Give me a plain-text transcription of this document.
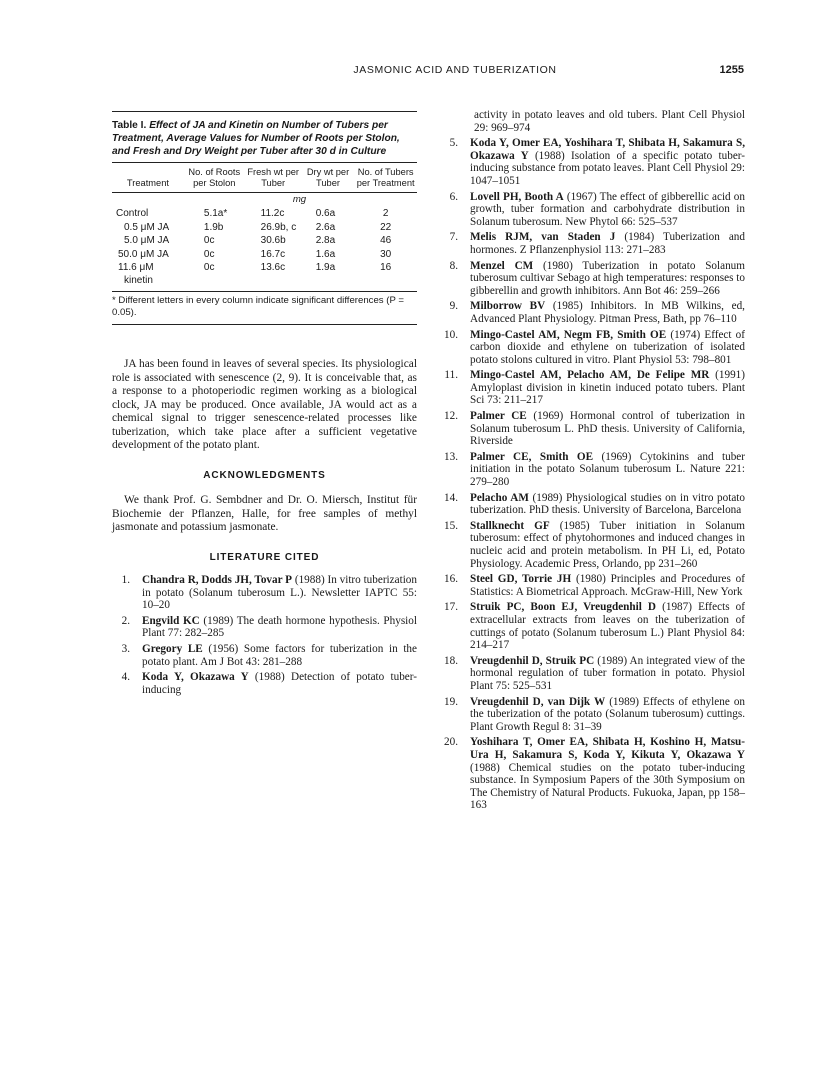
JASMONIC ACID AND TUBERIZATION	1255
Table I. Effect of JA and Kinetin on Number of Tubers per Treatment, Average Values for Number of Roots per Stolon, and Fresh and Dry Weight per Tuber after 30 d in Culture
Treatment	No. of Roots per Stolon	Fresh wt per Tuber	Dry wt per Tuber	No. of Tubers per Treatment
		mg		
Control	5.1a*	11.2c	0.6a	2
0.5 μM JA	1.9b	26.9b, c	2.6a	22
5.0 μM JA	0c	30.6b	2.8a	46
50.0 μM JA	0c	16.7c	1.6a	30
11.6 μM	0c	13.6c	1.9a	16
kinetin				
* Different letters in every column indicate significant differences (P = 0.05).

JA has been found in leaves of several species. Its physiological role is associated with senescence (2, 9). It is conceivable that, as a response to a photoperiodic regimen working as a biological clock, JA may be produced. Once available, JA would act as a chemical signal to trigger senescence-related processes like tuberization, which take place after a sufficient vegetative development of the potato plant.

ACKNOWLEDGMENTS

We thank Prof. G. Sembdner and Dr. O. Miersch, Institut für Biochemie der Pflanzen, Halle, for free samples of methyl jasmonate and potassium jasmonate.

LITERATURE CITED
1. Chandra R, Dodds JH, Tovar P (1988) In vitro tuberization in potato (Solanum tuberosum L.). Newsletter IAPTC 55: 10–20
2. Engvild KC (1989) The death hormone hypothesis. Physiol Plant 77: 282–285
3. Gregory LE (1956) Some factors for tuberization in the potato plant. Am J Bot 43: 281–288
4. Koda Y, Okazawa Y (1988) Detection of potato tuber-inducing
activity in potato leaves and old tubers. Plant Cell Physiol 29: 969–974
5. Koda Y, Omer EA, Yoshihara T, Shibata H, Sakamura S, Okazawa Y (1988) Isolation of a specific potato tuber-inducing substance from potato leaves. Plant Cell Physiol 29: 1047–1051
6. Lovell PH, Booth A (1967) The effect of gibberellic acid on growth, tuber formation and carbohydrate distribution in Solanum tuberosum. New Phytol 66: 525–537
7. Melis RJM, van Staden J (1984) Tuberization and hormones. Z Pflanzenphysiol 113: 271–283
8. Menzel CM (1980) Tuberization in potato Solanum tuberosum cultivar Sebago at high temperatures: responses to gibberellin and growth inhibitors. Ann Bot 46: 259–266
9. Milborrow BV (1985) Inhibitors. In MB Wilkins, ed, Advanced Plant Physiology. Pitman Press, Bath, pp 76–110
10. Mingo-Castel AM, Negm FB, Smith OE (1974) Effect of carbon dioxide and ethylene on tuberization of isolated potato stolons cultured in vitro. Plant Physiol 53: 798–801
11. Mingo-Castel AM, Pelacho AM, De Felipe MR (1991) Amyloplast division in kinetin induced potato tubers. Plant Sci 73: 211–217
12. Palmer CE (1969) Hormonal control of tuberization in Solanum tuberosum L. PhD thesis. University of California, Riverside
13. Palmer CE, Smith OE (1969) Cytokinins and tuber initiation in the potato Solanum tuberosum L. Nature 221: 279–280
14. Pelacho AM (1989) Physiological studies on in vitro potato tuberization. PhD thesis. University of Barcelona, Barcelona
15. Stallknecht GF (1985) Tuber initiation in Solanum tuberosum: effect of phytohormones and induced changes in nucleic acid and protein metabolism. In PH Li, ed, Potato Physiology. Academic Press, Orlando, pp 231–260
16. Steel GD, Torrie JH (1980) Principles and Procedures of Statistics: A Biometrical Approach. McGraw-Hill, New York
17. Struik PC, Boon EJ, Vreugdenhil D (1987) Effects of extracellular extracts from leaves on the tuberization of cuttings of potato (Solanum tuberosum L.) Plant Physiol 84: 214–217
18. Vreugdenhil D, Struik PC (1989) An integrated view of the hormonal regulation of tuber formation in potato. Physiol Plant 75: 525–531
19. Vreugdenhil D, van Dijk W (1989) Effects of ethylene on the tuberization of the potato (Solanum tuberosum) cuttings. Plant Growth Regul 8: 31–39
20. Yoshihara T, Omer EA, Shibata H, Koshino H, Matsu-Ura H, Sakamura S, Koda Y, Kikuta Y, Okazawa Y (1988) Chemical studies on the potato tuber-inducing substance. In Symposium Papers of the 30th Symposium on The Chemistry of Natural Products. Fukuoka, Japan, pp 158–163
